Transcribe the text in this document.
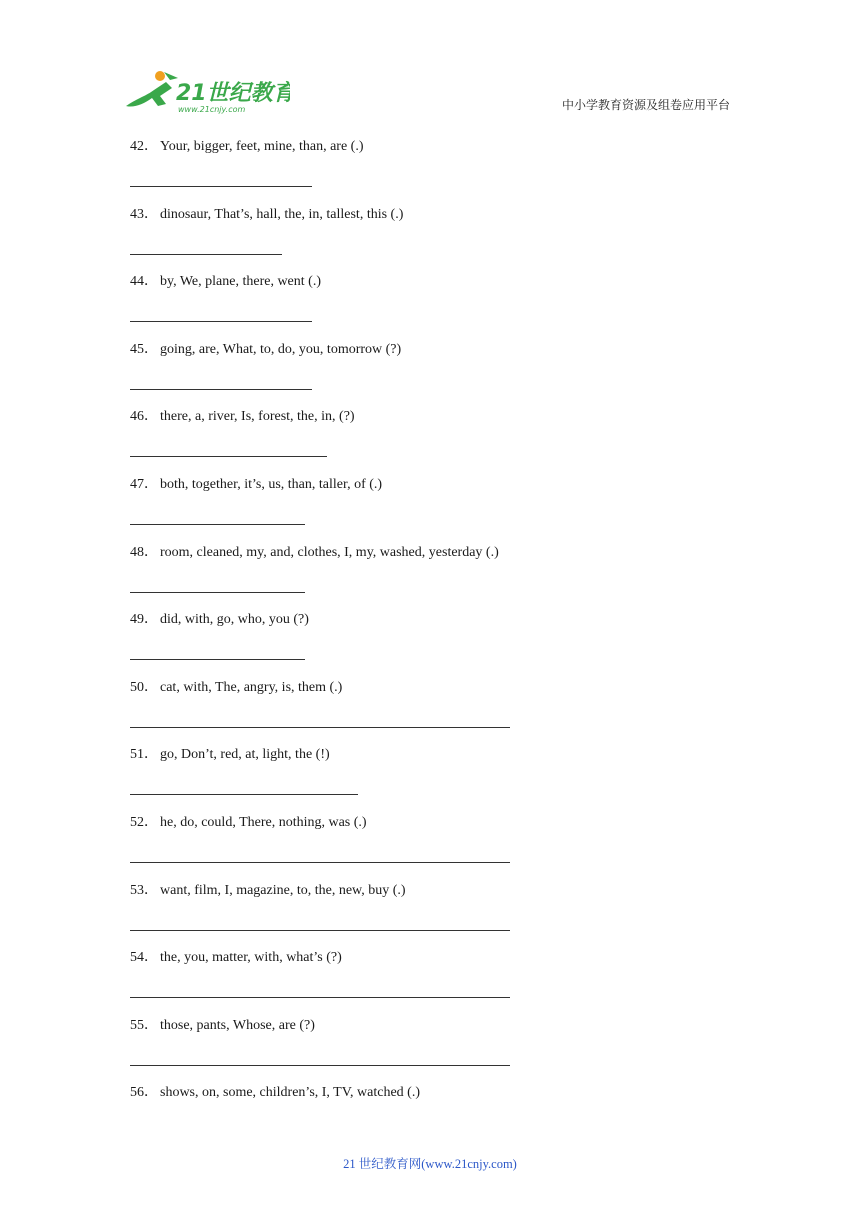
21世纪教育
www.21cnjy.com	中小学教育资源及组卷应用平台
42． Your, bigger, feet, mine, than, are (.)
43． dinosaur, That’s, hall, the, in, tallest, this (.)
44． by, We, plane, there, went (.)
45． going, are, What, to, do, you, tomorrow (?)
46． there, a, river, Is, forest, the, in, (?)
47． both, together, it’s, us, than, taller, of (.)
48． room, cleaned, my, and, clothes, I, my, washed, yesterday (.)
49． did, with, go, who, you (?)
50． cat, with, The, angry, is, them (.)
51． go, Don’t, red, at, light, the (!)
52． he, do, could, There, nothing, was (.)
53． want, film, I, magazine, to, the, new, buy (.)
54． the, you, matter, with, what’s (?)
55． those, pants, Whose, are (?)
56． shows, on, some, children’s, I, TV, watched (.)
21 世纪教育网(www.21cnjy.com)
